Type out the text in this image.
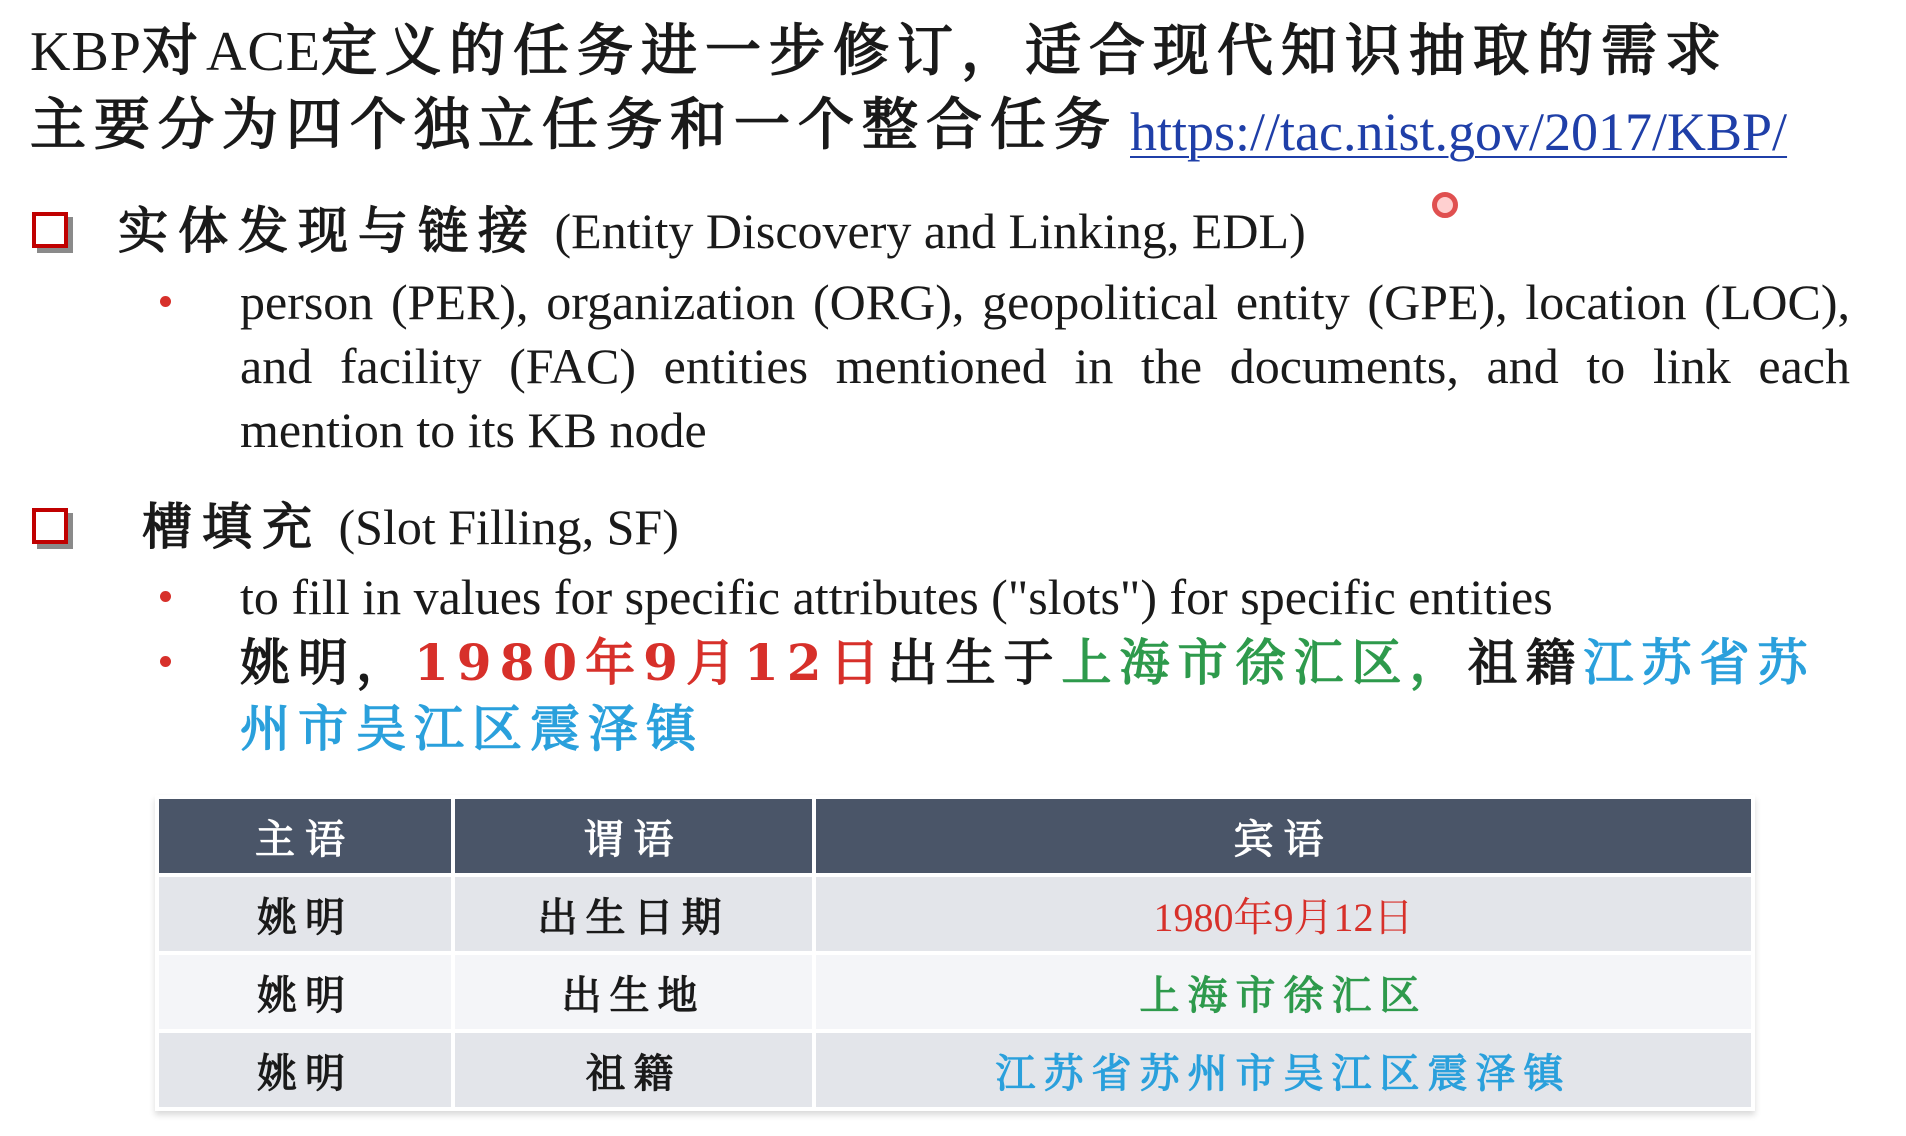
KBP对ACE定义的任务进一步修订，适合现代知识抽取的需求
主要分为四个独立任务和一个整合任务 https://tac.nist.gov/2017/KBP/
实体发现与链接 (Entity Discovery and Linking, EDL)
person (PER), organization (ORG), geopolitical entity (GPE), location (LOC), and facility (FAC) entities mentioned in the documents, and to link each mention to its KB node
槽填充 (Slot Filling, SF)
to fill in values for specific attributes ("slots") for specific entities
姚明，1980年9月12日出生于上海市徐汇区，祖籍江苏省苏州市吴江区震泽镇
主语	谓语	宾语
姚明	出生日期	1980年9月12日
姚明	出生地	上海市徐汇区
姚明	祖籍	江苏省苏州市吴江区震泽镇
